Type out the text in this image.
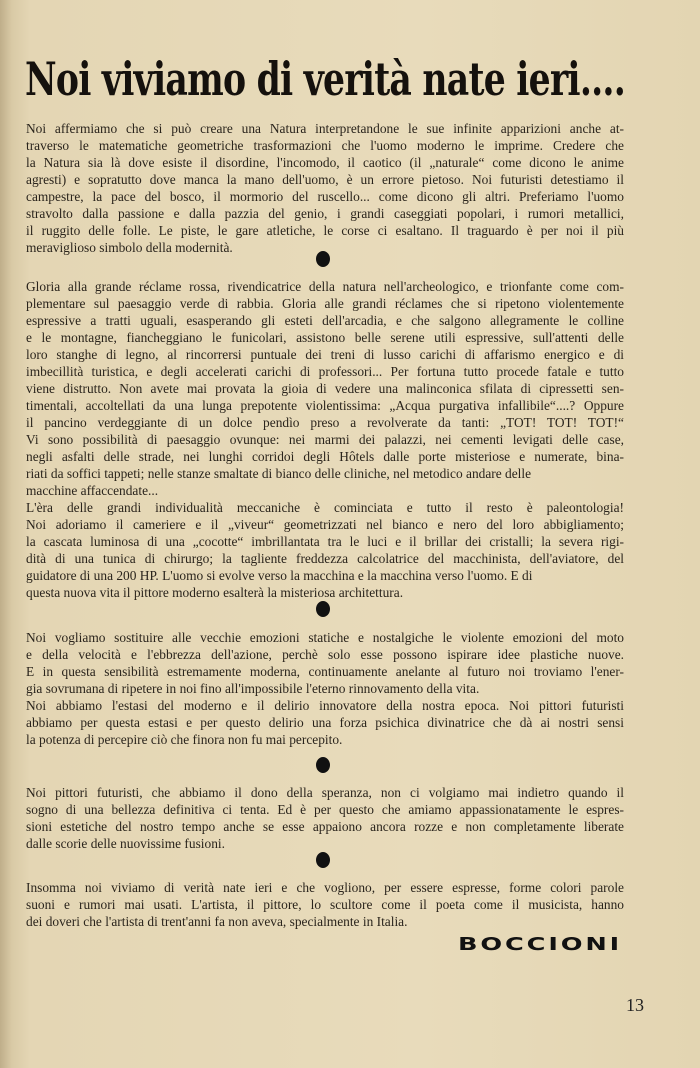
Noi viviamo di verità nate ieri....
Noi affermiamo che si può creare una Natura interpretandone le sue infinite apparizioni anche at-
traverso le matematiche geometriche trasformazioni che l'uomo moderno le imprime. Credere che
la Natura sia là dove esiste il disordine, l'incomodo, il caotico (il „naturale“ come dicono le anime
agresti) e sopratutto dove manca la mano dell'uomo, è un errore pietoso. Noi futuristi detestiamo il
campestre, la pace del bosco, il mormorio del ruscello... come dicono gli altri. Preferiamo l'uomo
stravolto dalla passione e dalla pazzia del genio, i grandi caseggiati popolari, i rumori metallici,
il ruggito delle folle. Le piste, le gare atletiche, le corse ci esaltano. Il traguardo è per noi il più
meraviglioso simbolo della modernità.
Gloria alla grande réclame rossa, rivendicatrice della natura nell'archeologico, e trionfante come com-
plementare sul paesaggio verde di rabbia. Gloria alle grandi réclames che si ripetono violentemente
espressive a tratti uguali, esasperando gli esteti dell'arcadia, e che salgono allegramente le colline
e le montagne, fiancheggiano le funicolari, assistono belle serene utili espressive, sull'attenti delle
loro stanghe di legno, al rincorrersi puntuale dei treni di lusso carichi di affarismo energico e di
imbecillità turistica, e degli accelerati carichi di professori... Per fortuna tutto procede fatale e tutto
viene distrutto. Non avete mai provata la gioia di vedere una malinconica sfilata di cipressetti sen-
timentali, accoltellati da una lunga prepotente violentissima: „Acqua purgativa infallibile“....? Oppure
il pancino verdeggiante di un dolce pendìo preso a revolverate da tanti: „TOT! TOT! TOT!“
Vi sono possibilità di paesaggio ovunque: nei marmi dei palazzi, nei cementi levigati delle case,
negli asfalti delle strade, nei lunghi corridoi degli Hôtels dalle porte misteriose e numerate, bina-
riati da soffici tappeti; nelle stanze smaltate di bianco delle cliniche, nel metodico andare delle
macchine affaccendate...
L'èra delle grandi individualità meccaniche è cominciata e tutto il resto è paleontologia!
Noi adoriamo il cameriere e il „viveur“ geometrizzati nel bianco e nero del loro abbigliamento;
la cascata luminosa di una „cocotte“ imbrillantata tra le luci e il brillar dei cristalli; la severa rigi-
dità di una tunica di chirurgo; la tagliente freddezza calcolatrice del macchinista, dell'aviatore, del
guidatore di una 200 HP. L'uomo si evolve verso la macchina e la macchina verso l'uomo. E di
questa nuova vita il pittore moderno esalterà la misteriosa architettura.
Noi vogliamo sostituire alle vecchie emozioni statiche e nostalgiche le violente emozioni del moto
e della velocità e l'ebbrezza dell'azione, perchè solo esse possono ispirare idee plastiche nuove.
E in questa sensibilità estremamente moderna, continuamente anelante al futuro noi troviamo l'ener-
gia sovrumana di ripetere in noi fino all'impossibile l'eterno rinnovamento della vita.
Noi abbiamo l'estasi del moderno e il delirio innovatore della nostra epoca. Noi pittori futuristi
abbiamo per questa estasi e per questo delirio una forza psichica divinatrice che dà ai nostri sensi
la potenza di percepire ciò che finora non fu mai percepito.
Noi pittori futuristi, che abbiamo il dono della speranza, non ci volgiamo mai indietro quando il
sogno di una bellezza definitiva ci tenta. Ed è per questo che amiamo appassionatamente le espres-
sioni estetiche del nostro tempo anche se esse appaiono ancora rozze e non completamente liberate
dalle scorie delle nuovissime fusioni.
Insomma noi viviamo di verità nate ieri e che vogliono, per essere espresse, forme colori parole
suoni e rumori mai usati. L'artista, il pittore, lo scultore come il poeta come il musicista, hanno
dei doveri che l'artista di trent'anni fa non aveva, specialmente in Italia.
BOCCIONI
13
